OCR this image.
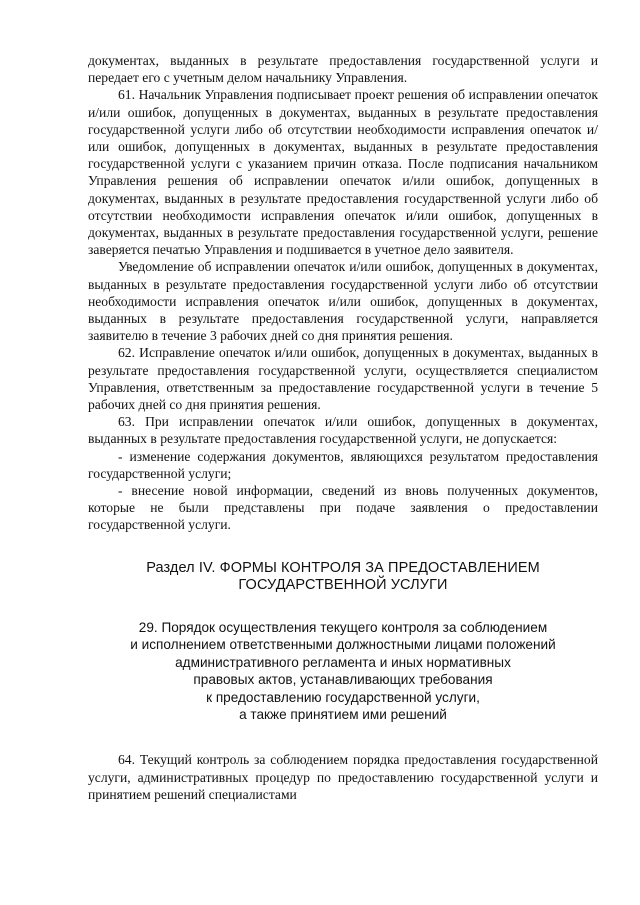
документах, выданных в результате предоставления государственной услуги и передает его с учетным делом начальнику Управления.

61. Начальник Управления подписывает проект решения об исправлении опечаток и/или ошибок, допущенных в документах, выданных в результате предоставления государственной услуги либо об отсутствии необходимости исправления опечаток и/или ошибок, допущенных в документах, выданных в результате предоставления государственной услуги с указанием причин отказа. После подписания начальником Управления решения об исправлении опечаток и/или ошибок, допущенных в документах, выданных в результате предоставления государственной услуги либо об отсутствии необходимости исправления опечаток и/или ошибок, допущенных в документах, выданных в результате предоставления государственной услуги, решение заверяется печатью Управления и подшивается в учетное дело заявителя.

Уведомление об исправлении опечаток и/или ошибок, допущенных в документах, выданных в результате предоставления государственной услуги либо об отсутствии необходимости исправления опечаток и/или ошибок, допущенных в документах, выданных в результате предоставления государственной услуги, направляется заявителю в течение 3 рабочих дней со дня принятия решения.

62. Исправление опечаток и/или ошибок, допущенных в документах, выданных в результате предоставления государственной услуги, осуществляется специалистом Управления, ответственным за предоставление государственной услуги в течение 5 рабочих дней со дня принятия решения.

63. При исправлении опечаток и/или ошибок, допущенных в документах, выданных в результате предоставления государственной услуги, не допускается:

- изменение содержания документов, являющихся результатом предоставления государственной услуги;

- внесение новой информации, сведений из вновь полученных документов, которые не были представлены при подаче заявления о предоставлении государственной услуги.

Раздел IV. ФОРМЫ КОНТРОЛЯ ЗА ПРЕДОСТАВЛЕНИЕМ
ГОСУДАРСТВЕННОЙ УСЛУГИ
29. Порядок осуществления текущего контроля за соблюдением
и исполнением ответственными должностными лицами положений
административного регламента и иных нормативных
правовых актов, устанавливающих требования
к предоставлению государственной услуги,
а также принятием ими решений

64. Текущий контроль за соблюдением порядка предоставления государственной услуги, административных процедур по предоставлению государственной услуги и принятием решений специалистами
